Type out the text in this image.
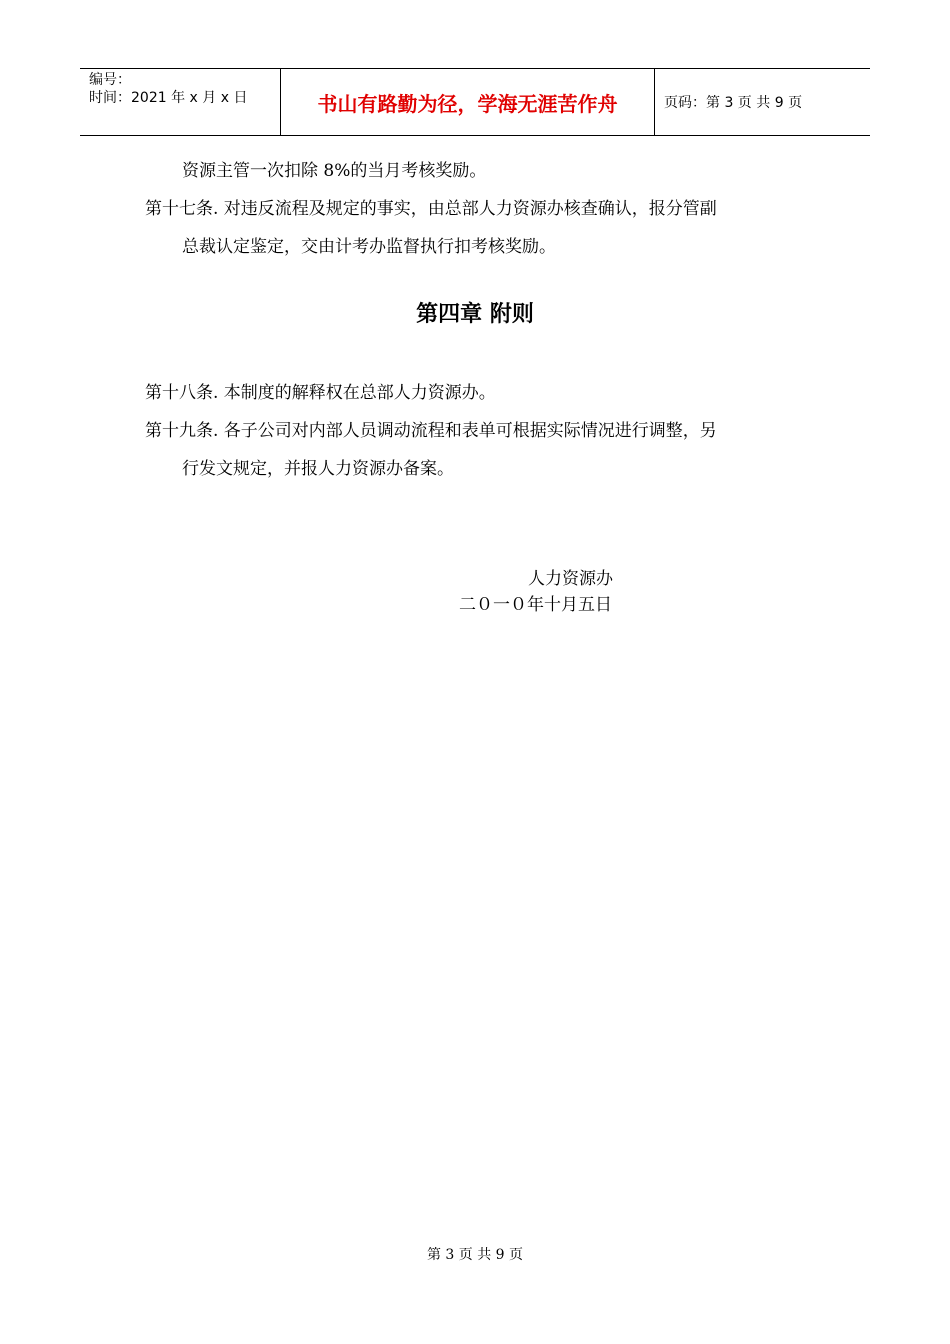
编号：
时间：2021 年 x 月 x 日	书山有路勤为径，学海无涯苦作舟	页码：第 3 页 共 9 页
资源主管一次扣除 8%的当月考核奖励。
第十七条. 对违反流程及规定的事实，由总部人力资源办核查确认，报分管副
总裁认定鉴定，交由计考办监督执行扣考核奖励。
第四章 附则
第十八条. 本制度的解释权在总部人力资源办。
第十九条. 各子公司对内部人员调动流程和表单可根据实际情况进行调整，另
行发文规定，并报人力资源办备案。
人力资源办
二０一０年十月五日
第 3 页 共 9 页
